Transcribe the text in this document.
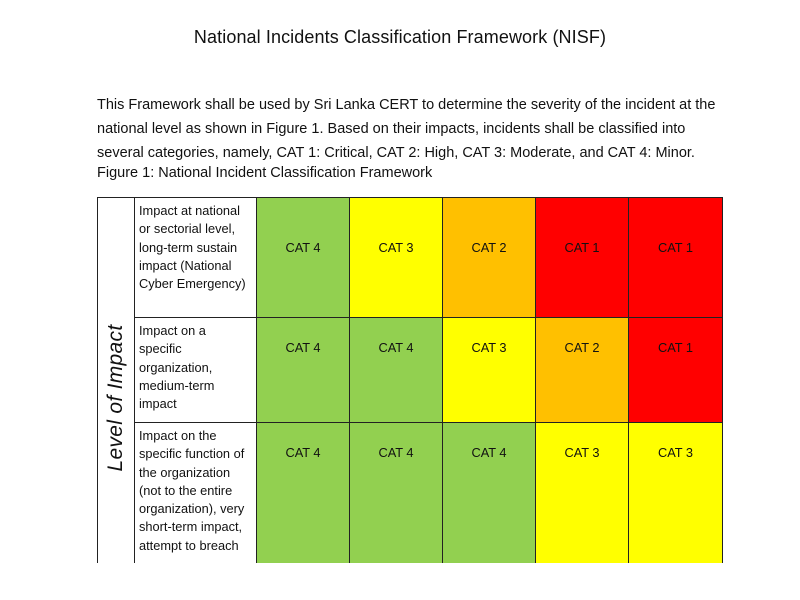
National Incidents Classification Framework (NISF)

This Framework shall be used by Sri Lanka CERT to determine the severity of the incident at the national level as shown in Figure 1. Based on their impacts, incidents shall be classified into several categories, namely, CAT 1: Critical, CAT 2: High, CAT 3: Moderate, and CAT 4: Minor.

Figure 1: National Incident Classification Framework
Level of Impact	Impact at national or sectorial level, long-term sustain impact (National Cyber Emergency)	CAT 4	CAT 3	CAT 2	CAT 1	CAT 1
	Impact on a specific organization, medium-term impact	CAT 4	CAT 4	CAT 3	CAT 2	CAT 1
	Impact on the specific function of the organization (not to the entire organization), very short-term impact, attempt to breach	CAT 4	CAT 4	CAT 4	CAT 3	CAT 3
